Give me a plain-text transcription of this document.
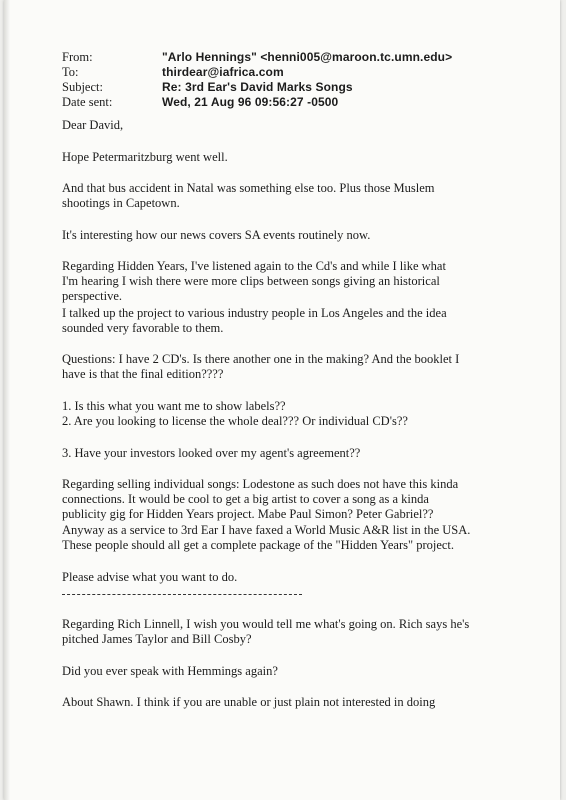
From:	"Arlo Hennings" <henni005@maroon.tc.umn.edu>
To:	thirdear@iafrica.com
Subject:	Re: 3rd Ear's David Marks Songs
Date sent:	Wed, 21 Aug 96 09:56:27 -0500
Dear David,
Hope Petermaritzburg went well.
And that bus accident in Natal was something else too. Plus those Muslem
shootings in Capetown.
It's interesting how our news covers SA events routinely now.
Regarding Hidden Years, I've listened again to the Cd's and while I like what
I'm hearing I wish there were more clips between songs giving an historical
perspective.
I talked up the project to various industry people in Los Angeles and the idea
sounded very favorable to them.
Questions: I have 2 CD's. Is there another one in the making? And the booklet I
have is that the final edition????
1. Is this what you want me to show labels??
2. Are you looking to license the whole deal??? Or individual CD's??
3. Have your investors looked over my agent's agreement??
Regarding selling individual songs: Lodestone as such does not have this kinda
connections. It would be cool to get a big artist to cover a song as a kinda
publicity gig for Hidden Years project. Mabe Paul Simon? Peter Gabriel??
Anyway as a service to 3rd Ear I have faxed a World Music A&R list in the USA.
These people should all get a complete package of the "Hidden Years" project.
Please advise what you want to do.
Regarding Rich Linnell, I wish you would tell me what's going on. Rich says he's
pitched James Taylor and Bill Cosby?
Did you ever speak with Hemmings again?
About Shawn. I think if you are unable or just plain not interested in doing
